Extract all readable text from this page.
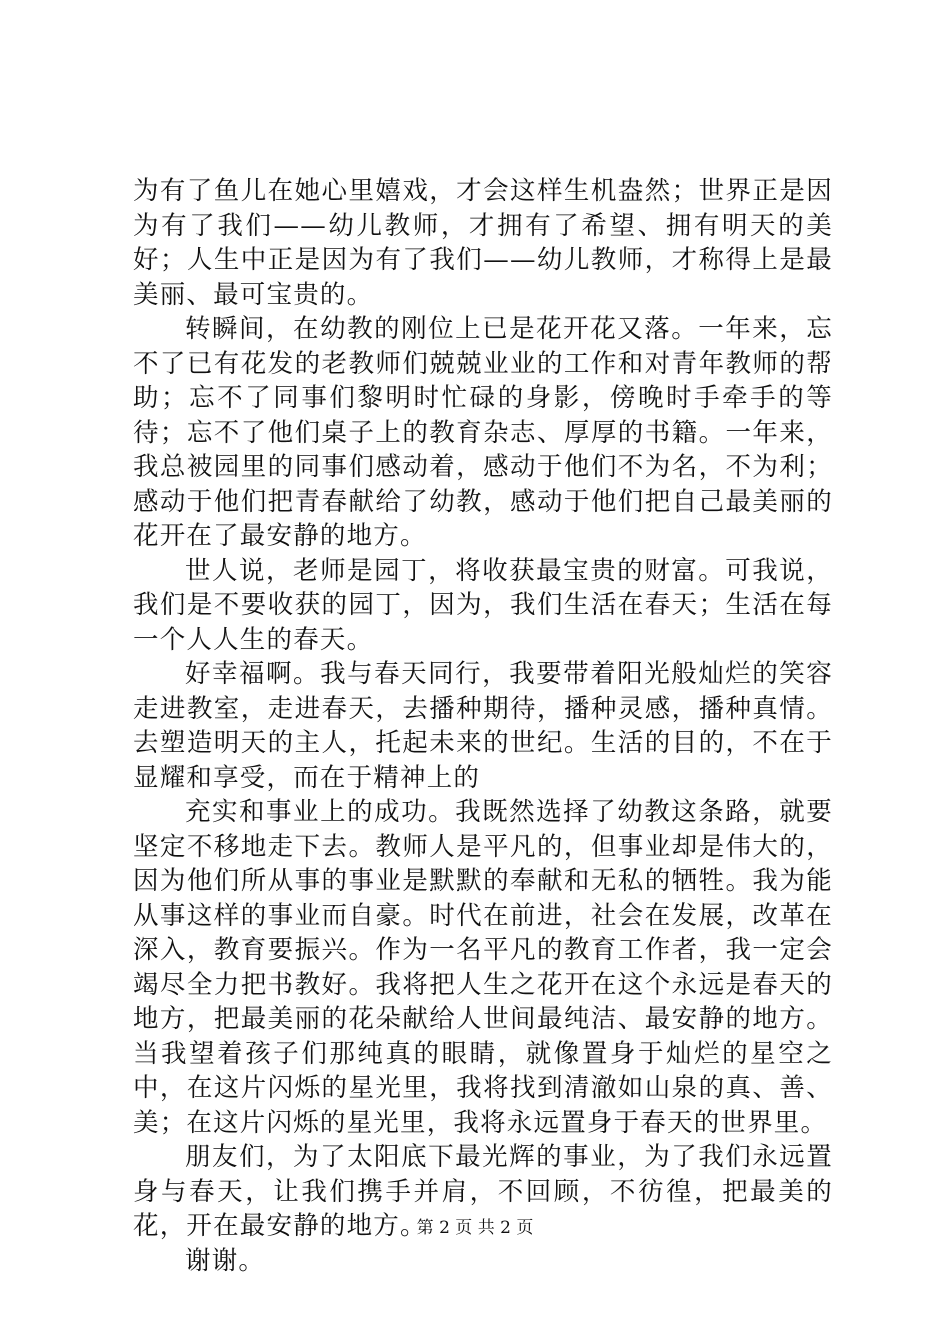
为有了鱼儿在她心里嬉戏，才会这样生机盎然；世界正是因为有了我们——幼儿教师，才拥有了希望、拥有明天的美好；人生中正是因为有了我们——幼儿教师，才称得上是最美丽、最可宝贵的。

转瞬间，在幼教的刚位上已是花开花又落。一年来，忘不了已有花发的老教师们兢兢业业的工作和对青年教师的帮助；忘不了同事们黎明时忙碌的身影，傍晚时手牵手的等待；忘不了他们桌子上的教育杂志、厚厚的书籍。一年来，我总被园里的同事们感动着，感动于他们不为名，不为利；感动于他们把青春献给了幼教，感动于他们把自己最美丽的花开在了最安静的地方。

世人说，老师是园丁，将收获最宝贵的财富。可我说，我们是不要收获的园丁，因为，我们生活在春天；生活在每一个人人生的春天。

好幸福啊。我与春天同行，我要带着阳光般灿烂的笑容走进教室，走进春天，去播种期待，播种灵感，播种真情。去塑造明天的主人，托起未来的世纪。生活的目的，不在于显耀和享受，而在于精神上的

充实和事业上的成功。我既然选择了幼教这条路，就要坚定不移地走下去。教师人是平凡的，但事业却是伟大的，因为他们所从事的事业是默默的奉献和无私的牺牲。我为能从事这样的事业而自豪。时代在前进，社会在发展，改革在深入，教育要振兴。作为一名平凡的教育工作者，我一定会竭尽全力把书教好。我将把人生之花开在这个永远是春天的地方，把最美丽的花朵献给人世间最纯洁、最安静的地方。当我望着孩子们那纯真的眼睛，就像置身于灿烂的星空之中，在这片闪烁的星光里，我将找到清澈如山泉的真、善、美；在这片闪烁的星光里，我将永远置身于春天的世界里。

朋友们，为了太阳底下最光辉的事业，为了我们永远置身与春天，让我们携手并肩，不回顾，不彷徨，把最美的花，开在最安静的地方。

谢谢。

第 2 页 共 2 页
